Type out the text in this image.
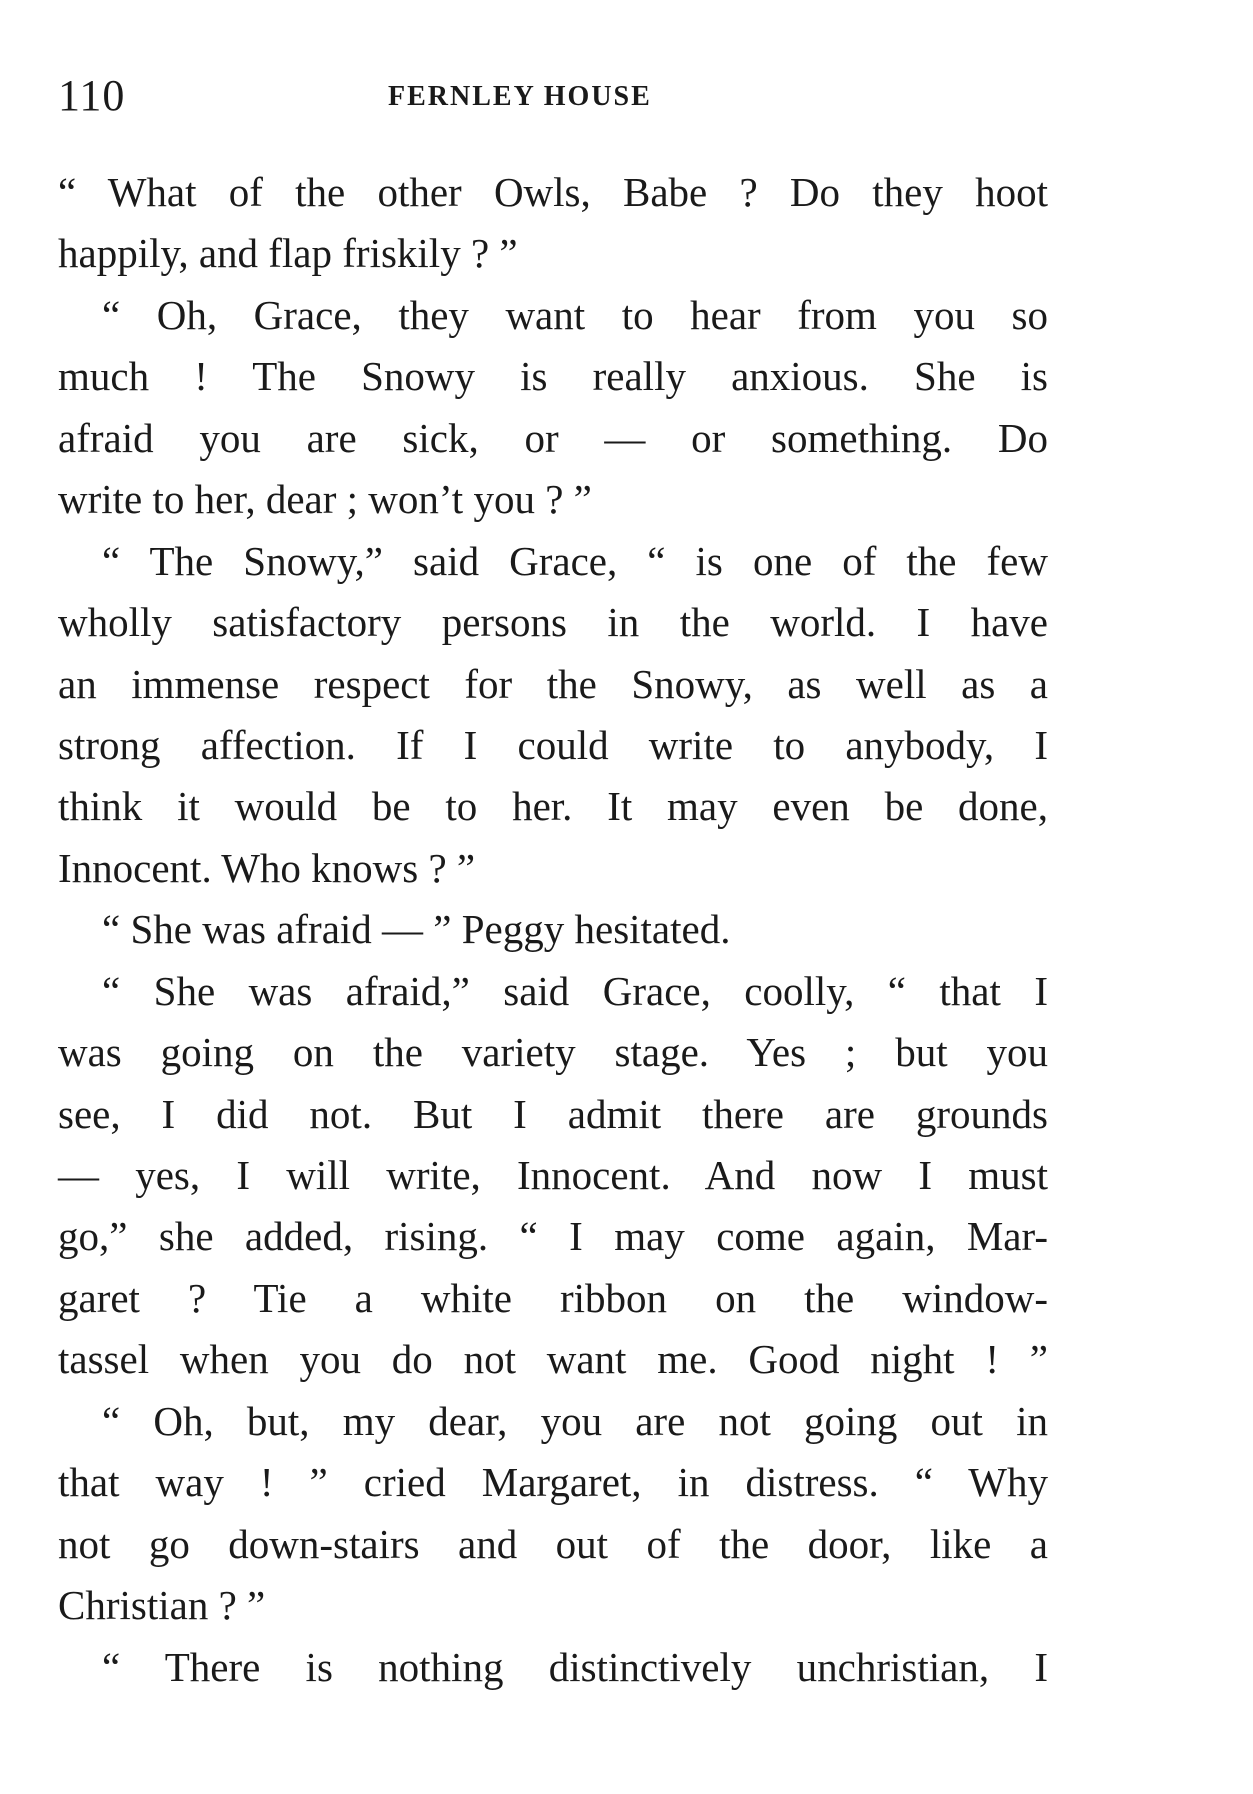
110	FERNLEY HOUSE
“ What of the other Owls, Babe ? Do they hoot
happily, and flap friskily ? ”
“ Oh, Grace, they want to hear from you so
much ! The Snowy is really anxious. She is
afraid you are sick, or — or something. Do
write to her, dear ; won’t you ? ”
“ The Snowy,” said Grace, “ is one of the few
wholly satisfactory persons in the world. I have
an immense respect for the Snowy, as well as a
strong affection. If I could write to anybody, I
think it would be to her. It may even be done,
Innocent. Who knows ? ”
“ She was afraid — ” Peggy hesitated.
“ She was afraid,” said Grace, coolly, “ that I
was going on the variety stage. Yes ; but you
see, I did not. But I admit there are grounds
— yes, I will write, Innocent. And now I must
go,” she added, rising. “ I may come again, Mar-
garet ? Tie a white ribbon on the window-
tassel when you do not want me. Good night ! ”
“ Oh, but, my dear, you are not going out in
that way ! ” cried Margaret, in distress. “ Why
not go down-stairs and out of the door, like a
Christian ? ”
“ There is nothing distinctively unchristian, I
